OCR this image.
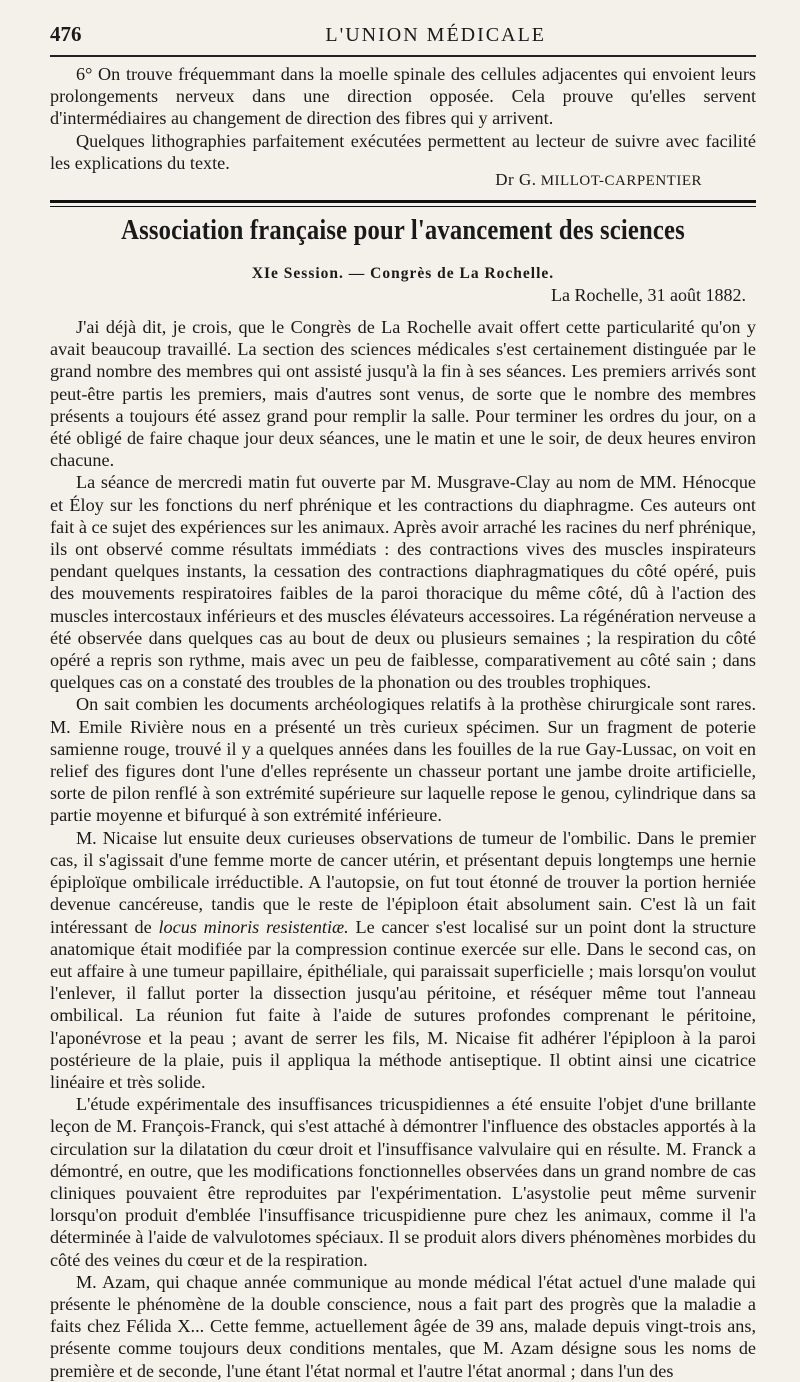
476	L'UNION MÉDICALE

6° On trouve fréquemmant dans la moelle spinale des cellules adjacentes qui envoient leurs prolongements nerveux dans une direction opposée. Cela prouve qu'elles servent d'intermédiaires au changement de direction des fibres qui y arrivent.

Quelques lithographies parfaitement exécutées permettent au lecteur de suivre avec facilité les explications du texte.

Dr G. MILLOT-CARPENTIER
Association française pour l'avancement des sciences
XIe Session. — Congrès de La Rochelle.
La Rochelle, 31 août 1882.

J'ai déjà dit, je crois, que le Congrès de La Rochelle avait offert cette particularité qu'on y avait beaucoup travaillé. La section des sciences médicales s'est certainement distinguée par le grand nombre des membres qui ont assisté jusqu'à la fin à ses séances. Les premiers arrivés sont peut-être partis les premiers, mais d'autres sont venus, de sorte que le nombre des membres présents a toujours été assez grand pour remplir la salle. Pour terminer les ordres du jour, on a été obligé de faire chaque jour deux séances, une le matin et une le soir, de deux heures environ chacune.

La séance de mercredi matin fut ouverte par M. Musgrave-Clay au nom de MM. Hénocque et Éloy sur les fonctions du nerf phrénique et les contractions du diaphragme. Ces auteurs ont fait à ce sujet des expériences sur les animaux. Après avoir arraché les racines du nerf phrénique, ils ont observé comme résultats immédiats : des contractions vives des muscles inspirateurs pendant quelques instants, la cessation des contractions diaphragmatiques du côté opéré, puis des mouvements respiratoires faibles de la paroi thoracique du même côté, dû à l'action des muscles intercostaux inférieurs et des muscles élévateurs accessoires. La régénération nerveuse a été observée dans quelques cas au bout de deux ou plusieurs semaines ; la respiration du côté opéré a repris son rythme, mais avec un peu de faiblesse, comparativement au côté sain ; dans quelques cas on a constaté des troubles de la phonation ou des troubles trophiques.

On sait combien les documents archéologiques relatifs à la prothèse chirurgicale sont rares. M. Emile Rivière nous en a présenté un très curieux spécimen. Sur un fragment de poterie samienne rouge, trouvé il y a quelques années dans les fouilles de la rue Gay-Lussac, on voit en relief des figures dont l'une d'elles représente un chasseur portant une jambe droite artificielle, sorte de pilon renflé à son extrémité supérieure sur laquelle repose le genou, cylindrique dans sa partie moyenne et bifurqué à son extrémité inférieure.

M. Nicaise lut ensuite deux curieuses observations de tumeur de l'ombilic. Dans le premier cas, il s'agissait d'une femme morte de cancer utérin, et présentant depuis longtemps une hernie épiploïque ombilicale irréductible. A l'autopsie, on fut tout étonné de trouver la portion herniée devenue cancéreuse, tandis que le reste de l'épiploon était absolument sain. C'est là un fait intéressant de locus minoris resistentiæ. Le cancer s'est localisé sur un point dont la structure anatomique était modifiée par la compression continue exercée sur elle. Dans le second cas, on eut affaire à une tumeur papillaire, épithéliale, qui paraissait superficielle ; mais lorsqu'on voulut l'enlever, il fallut porter la dissection jusqu'au péritoine, et réséquer même tout l'anneau ombilical. La réunion fut faite à l'aide de sutures profondes comprenant le péritoine, l'aponévrose et la peau ; avant de serrer les fils, M. Nicaise fit adhérer l'épiploon à la paroi postérieure de la plaie, puis il appliqua la méthode antiseptique. Il obtint ainsi une cicatrice linéaire et très solide.

L'étude expérimentale des insuffisances tricuspidiennes a été ensuite l'objet d'une brillante leçon de M. François-Franck, qui s'est attaché à démontrer l'influence des obstacles apportés à la circulation sur la dilatation du cœur droit et l'insuffisance valvulaire qui en résulte. M. Franck a démontré, en outre, que les modifications fonctionnelles observées dans un grand nombre de cas cliniques pouvaient être reproduites par l'expérimentation. L'asystolie peut même survenir lorsqu'on produit d'emblée l'insuffisance tricuspidienne pure chez les animaux, comme il l'a déterminée à l'aide de valvulotomes spéciaux. Il se produit alors divers phénomènes morbides du côté des veines du cœur et de la respiration.

M. Azam, qui chaque année communique au monde médical l'état actuel d'une malade qui présente le phénomène de la double conscience, nous a fait part des progrès que la maladie a faits chez Félida X... Cette femme, actuellement âgée de 39 ans, malade depuis vingt-trois ans, présente comme toujours deux conditions mentales, que M. Azam désigne sous les noms de première et de seconde, l'une étant l'état normal et l'autre l'état anormal ; dans l'un des
